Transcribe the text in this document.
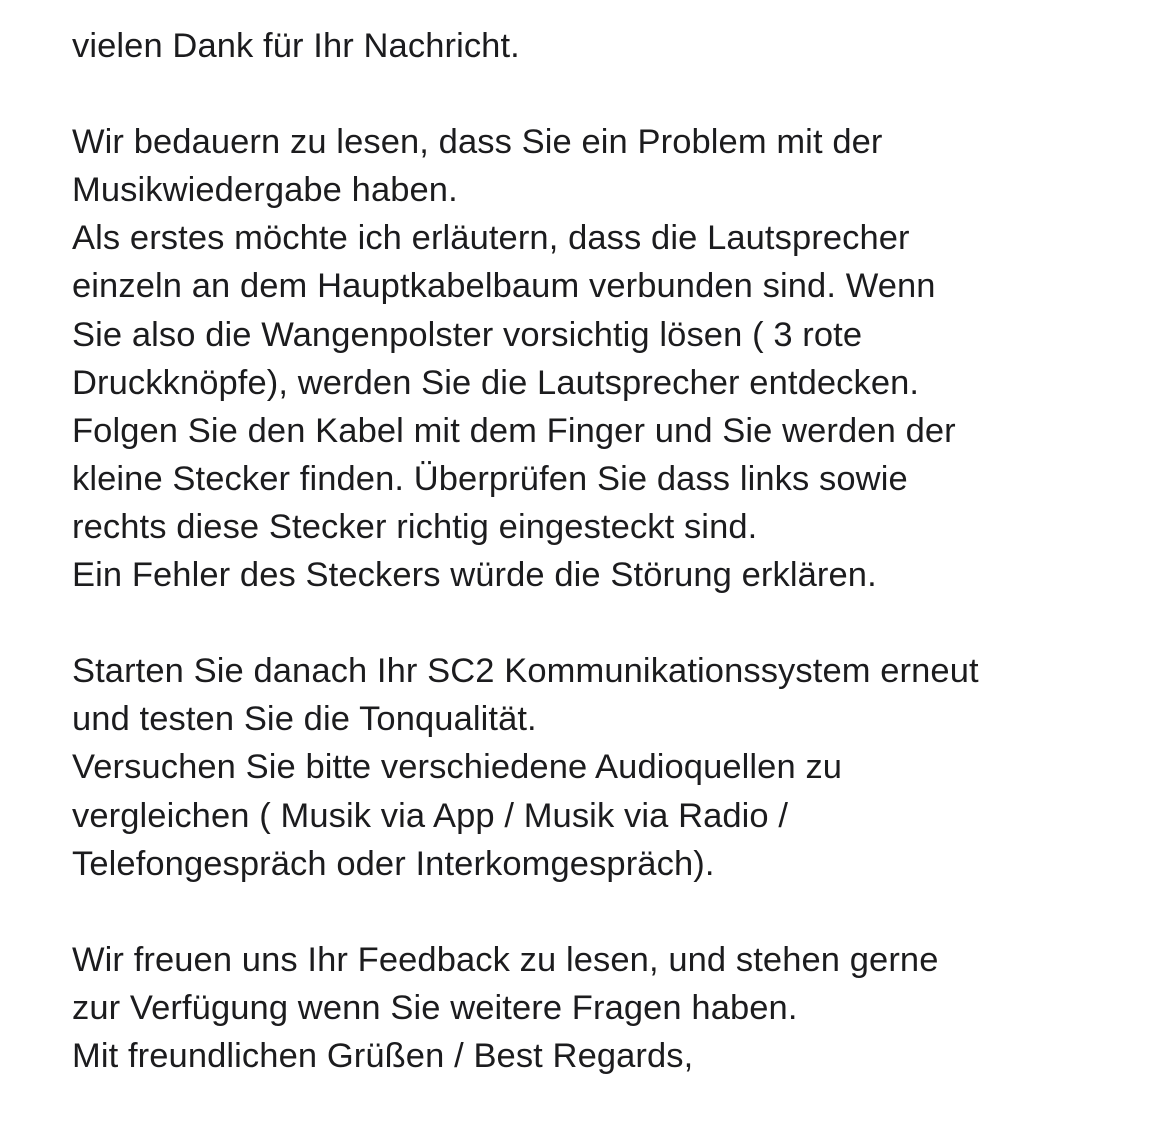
vielen Dank für Ihr Nachricht.
Wir bedauern zu lesen, dass Sie ein Problem mit der
Musikwiedergabe haben.
Als erstes möchte ich erläutern, dass die Lautsprecher
einzeln an dem Hauptkabelbaum verbunden sind. Wenn
Sie also die Wangenpolster vorsichtig lösen ( 3 rote
Druckknöpfe), werden Sie die Lautsprecher entdecken.
Folgen Sie den Kabel mit dem Finger und Sie werden der
kleine Stecker finden. Überprüfen Sie dass links sowie
rechts diese Stecker richtig eingesteckt sind.
Ein Fehler des Steckers würde die Störung erklären.
Starten Sie danach Ihr SC2 Kommunikationssystem erneut
und testen Sie die Tonqualität.
Versuchen Sie bitte verschiedene Audioquellen zu
vergleichen ( Musik via App / Musik via Radio /
Telefongespräch oder Interkomgespräch).
Wir freuen uns Ihr Feedback zu lesen, und stehen gerne
zur Verfügung wenn Sie weitere Fragen haben.
Mit freundlichen Grüßen / Best Regards,
